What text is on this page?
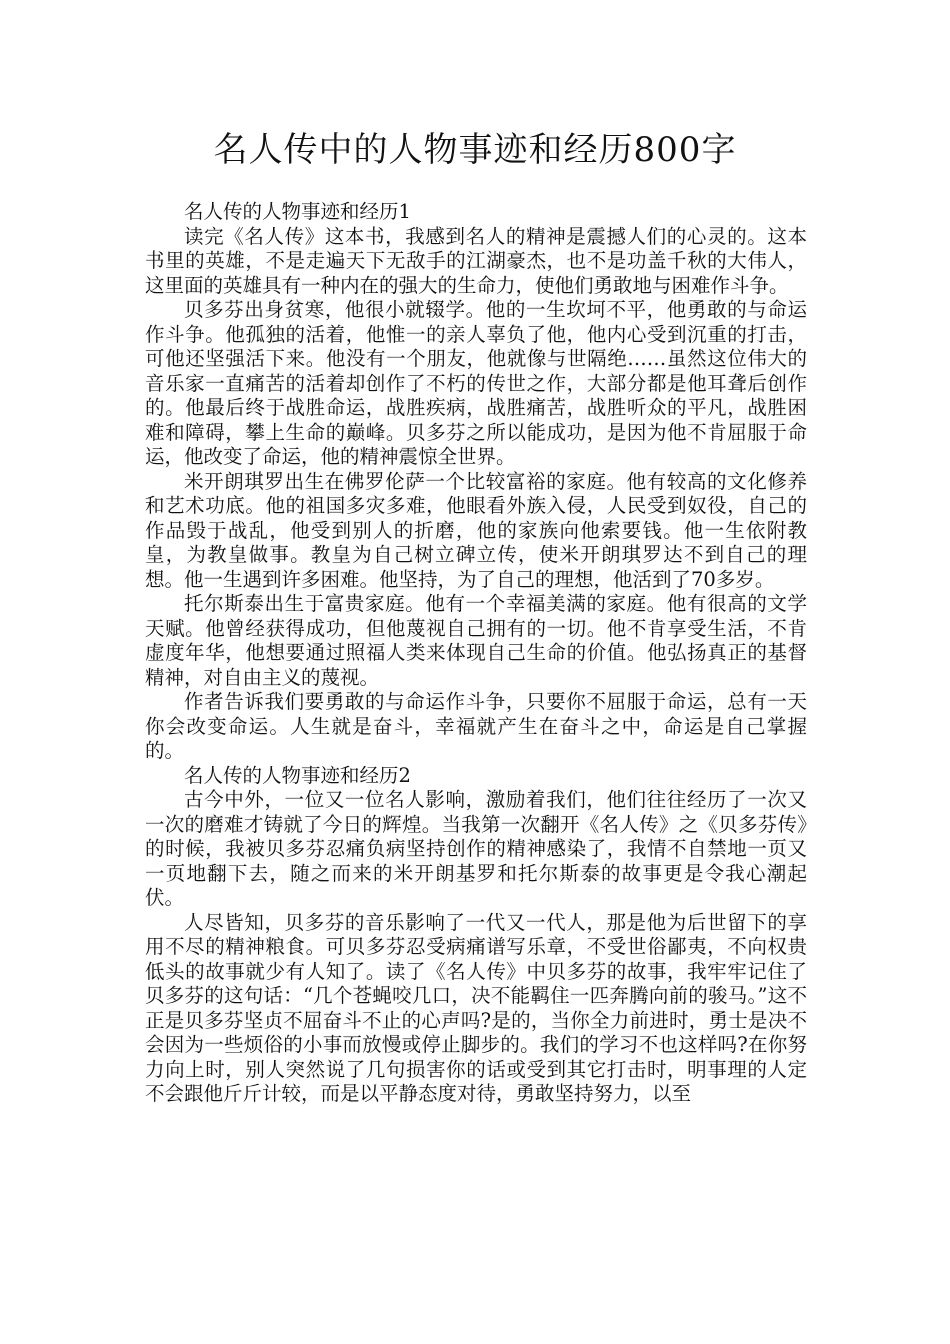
名人传中的人物事迹和经历800字

名人传的人物事迹和经历1

读完《名人传》这本书，我感到名人的精神是震撼人们的心灵的。这本书里的英雄，不是走遍天下无敌手的江湖豪杰，也不是功盖千秋的大伟人，这里面的英雄具有一种内在的强大的生命力，使他们勇敢地与困难作斗争。

贝多芬出身贫寒，他很小就辍学。他的一生坎坷不平，他勇敢的与命运作斗争。他孤独的活着，他惟一的亲人辜负了他，他内心受到沉重的打击，可他还坚强活下来。他没有一个朋友，他就像与世隔绝……虽然这位伟大的音乐家一直痛苦的活着却创作了不朽的传世之作，大部分都是他耳聋后创作的。他最后终于战胜命运，战胜疾病，战胜痛苦，战胜听众的平凡，战胜困难和障碍，攀上生命的巅峰。贝多芬之所以能成功，是因为他不肯屈服于命运，他改变了命运，他的精神震惊全世界。

米开朗琪罗出生在佛罗伦萨一个比较富裕的家庭。他有较高的文化修养和艺术功底。他的祖国多灾多难，他眼看外族入侵，人民受到奴役，自己的作品毁于战乱，他受到别人的折磨，他的家族向他索要钱。他一生依附教皇，为教皇做事。教皇为自己树立碑立传，使米开朗琪罗达不到自己的理想。他一生遇到许多困难。他坚持，为了自己的理想，他活到了70多岁。

托尔斯泰出生于富贵家庭。他有一个幸福美满的家庭。他有很高的文学天赋。他曾经获得成功，但他蔑视自己拥有的一切。他不肯享受生活，不肯虚度年华，他想要通过照福人类来体现自己生命的价值。他弘扬真正的基督精神，对自由主义的蔑视。

作者告诉我们要勇敢的与命运作斗争，只要你不屈服于命运，总有一天你会改变命运。人生就是奋斗，幸福就产生在奋斗之中，命运是自己掌握的。

名人传的人物事迹和经历2

古今中外，一位又一位名人影响，激励着我们，他们往往经历了一次又一次的磨难才铸就了今日的辉煌。当我第一次翻开《名人传》之《贝多芬传》的时候，我被贝多芬忍痛负病坚持创作的精神感染了，我情不自禁地一页又一页地翻下去，随之而来的米开朗基罗和托尔斯泰的故事更是令我心潮起伏。

人尽皆知，贝多芬的音乐影响了一代又一代人，那是他为后世留下的享用不尽的精神粮食。可贝多芬忍受病痛谱写乐章，不受世俗鄙夷，不向权贵低头的故事就少有人知了。读了《名人传》中贝多芬的故事，我牢牢记住了贝多芬的这句话：“几个苍蝇咬几口，决不能羁住一匹奔腾向前的骏马。”这不正是贝多芬坚贞不屈奋斗不止的心声吗?是的，当你全力前进时，勇士是决不会因为一些烦俗的小事而放慢或停止脚步的。我们的学习不也这样吗?在你努力向上时，别人突然说了几句损害你的话或受到其它打击时，明事理的人定不会跟他斤斤计较，而是以平静态度对待，勇敢坚持努力，以至
